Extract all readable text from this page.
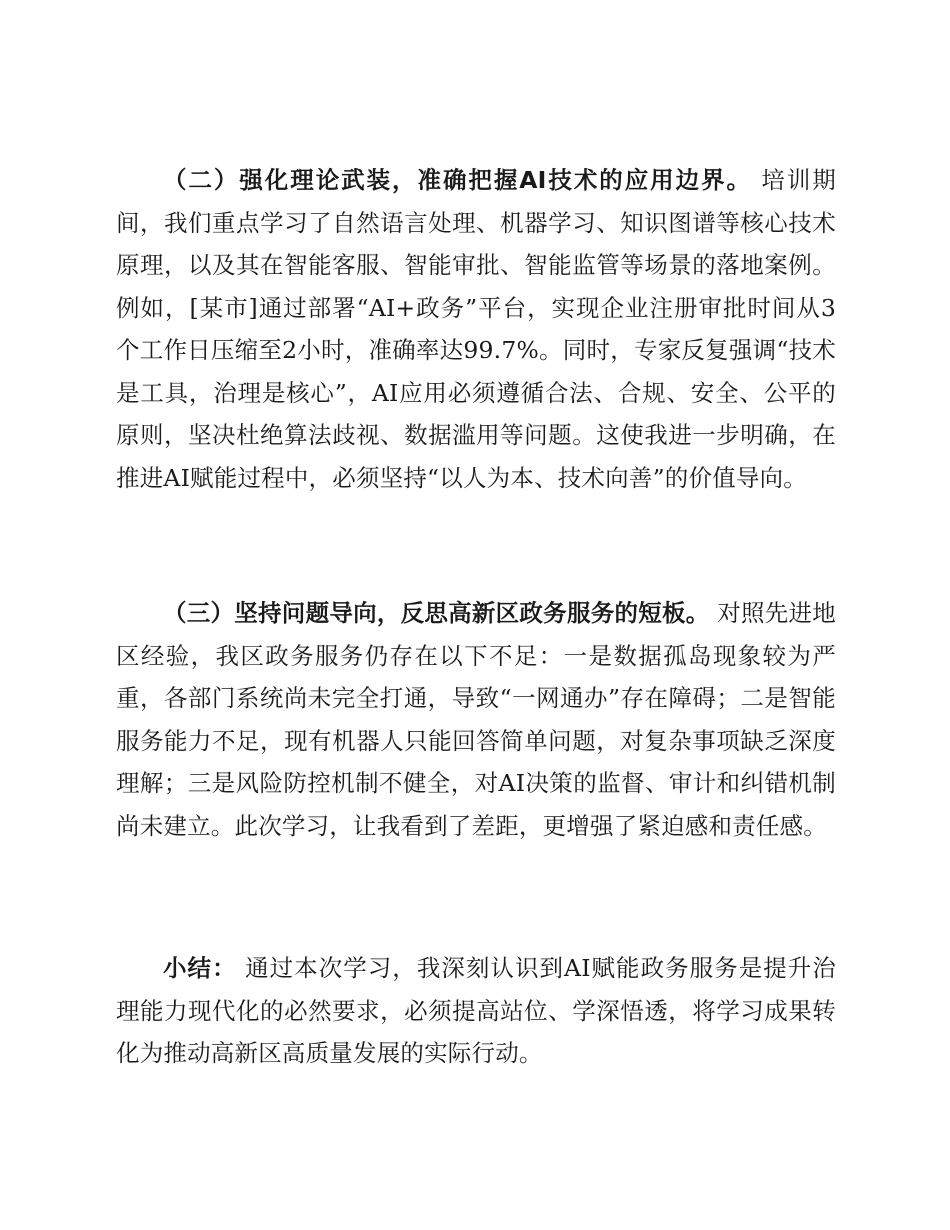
（二）强化理论武装，准确把握AI技术的应用边界。 培训期间，我们重点学习了自然语言处理、机器学习、知识图谱等核心技术原理，以及其在智能客服、智能审批、智能监管等场景的落地案例。例如，[某市]通过部署“AI+政务”平台，实现企业注册审批时间从3个工作日压缩至2小时，准确率达99.7%。同时，专家反复强调“技术是工具，治理是核心”，AI应用必须遵循合法、合规、安全、公平的原则，坚决杜绝算法歧视、数据滥用等问题。这使我进一步明确，在推进AI赋能过程中，必须坚持“以人为本、技术向善”的价值导向。

（三）坚持问题导向，反思高新区政务服务的短板。 对照先进地区经验，我区政务服务仍存在以下不足：一是数据孤岛现象较为严重，各部门系统尚未完全打通，导致“一网通办”存在障碍；二是智能服务能力不足，现有机器人只能回答简单问题，对复杂事项缺乏深度理解；三是风险防控机制不健全，对AI决策的监督、审计和纠错机制尚未建立。此次学习，让我看到了差距，更增强了紧迫感和责任感。

小结： 通过本次学习，我深刻认识到AI赋能政务服务是提升治理能力现代化的必然要求，必须提高站位、学深悟透，将学习成果转化为推动高新区高质量发展的实际行动。
